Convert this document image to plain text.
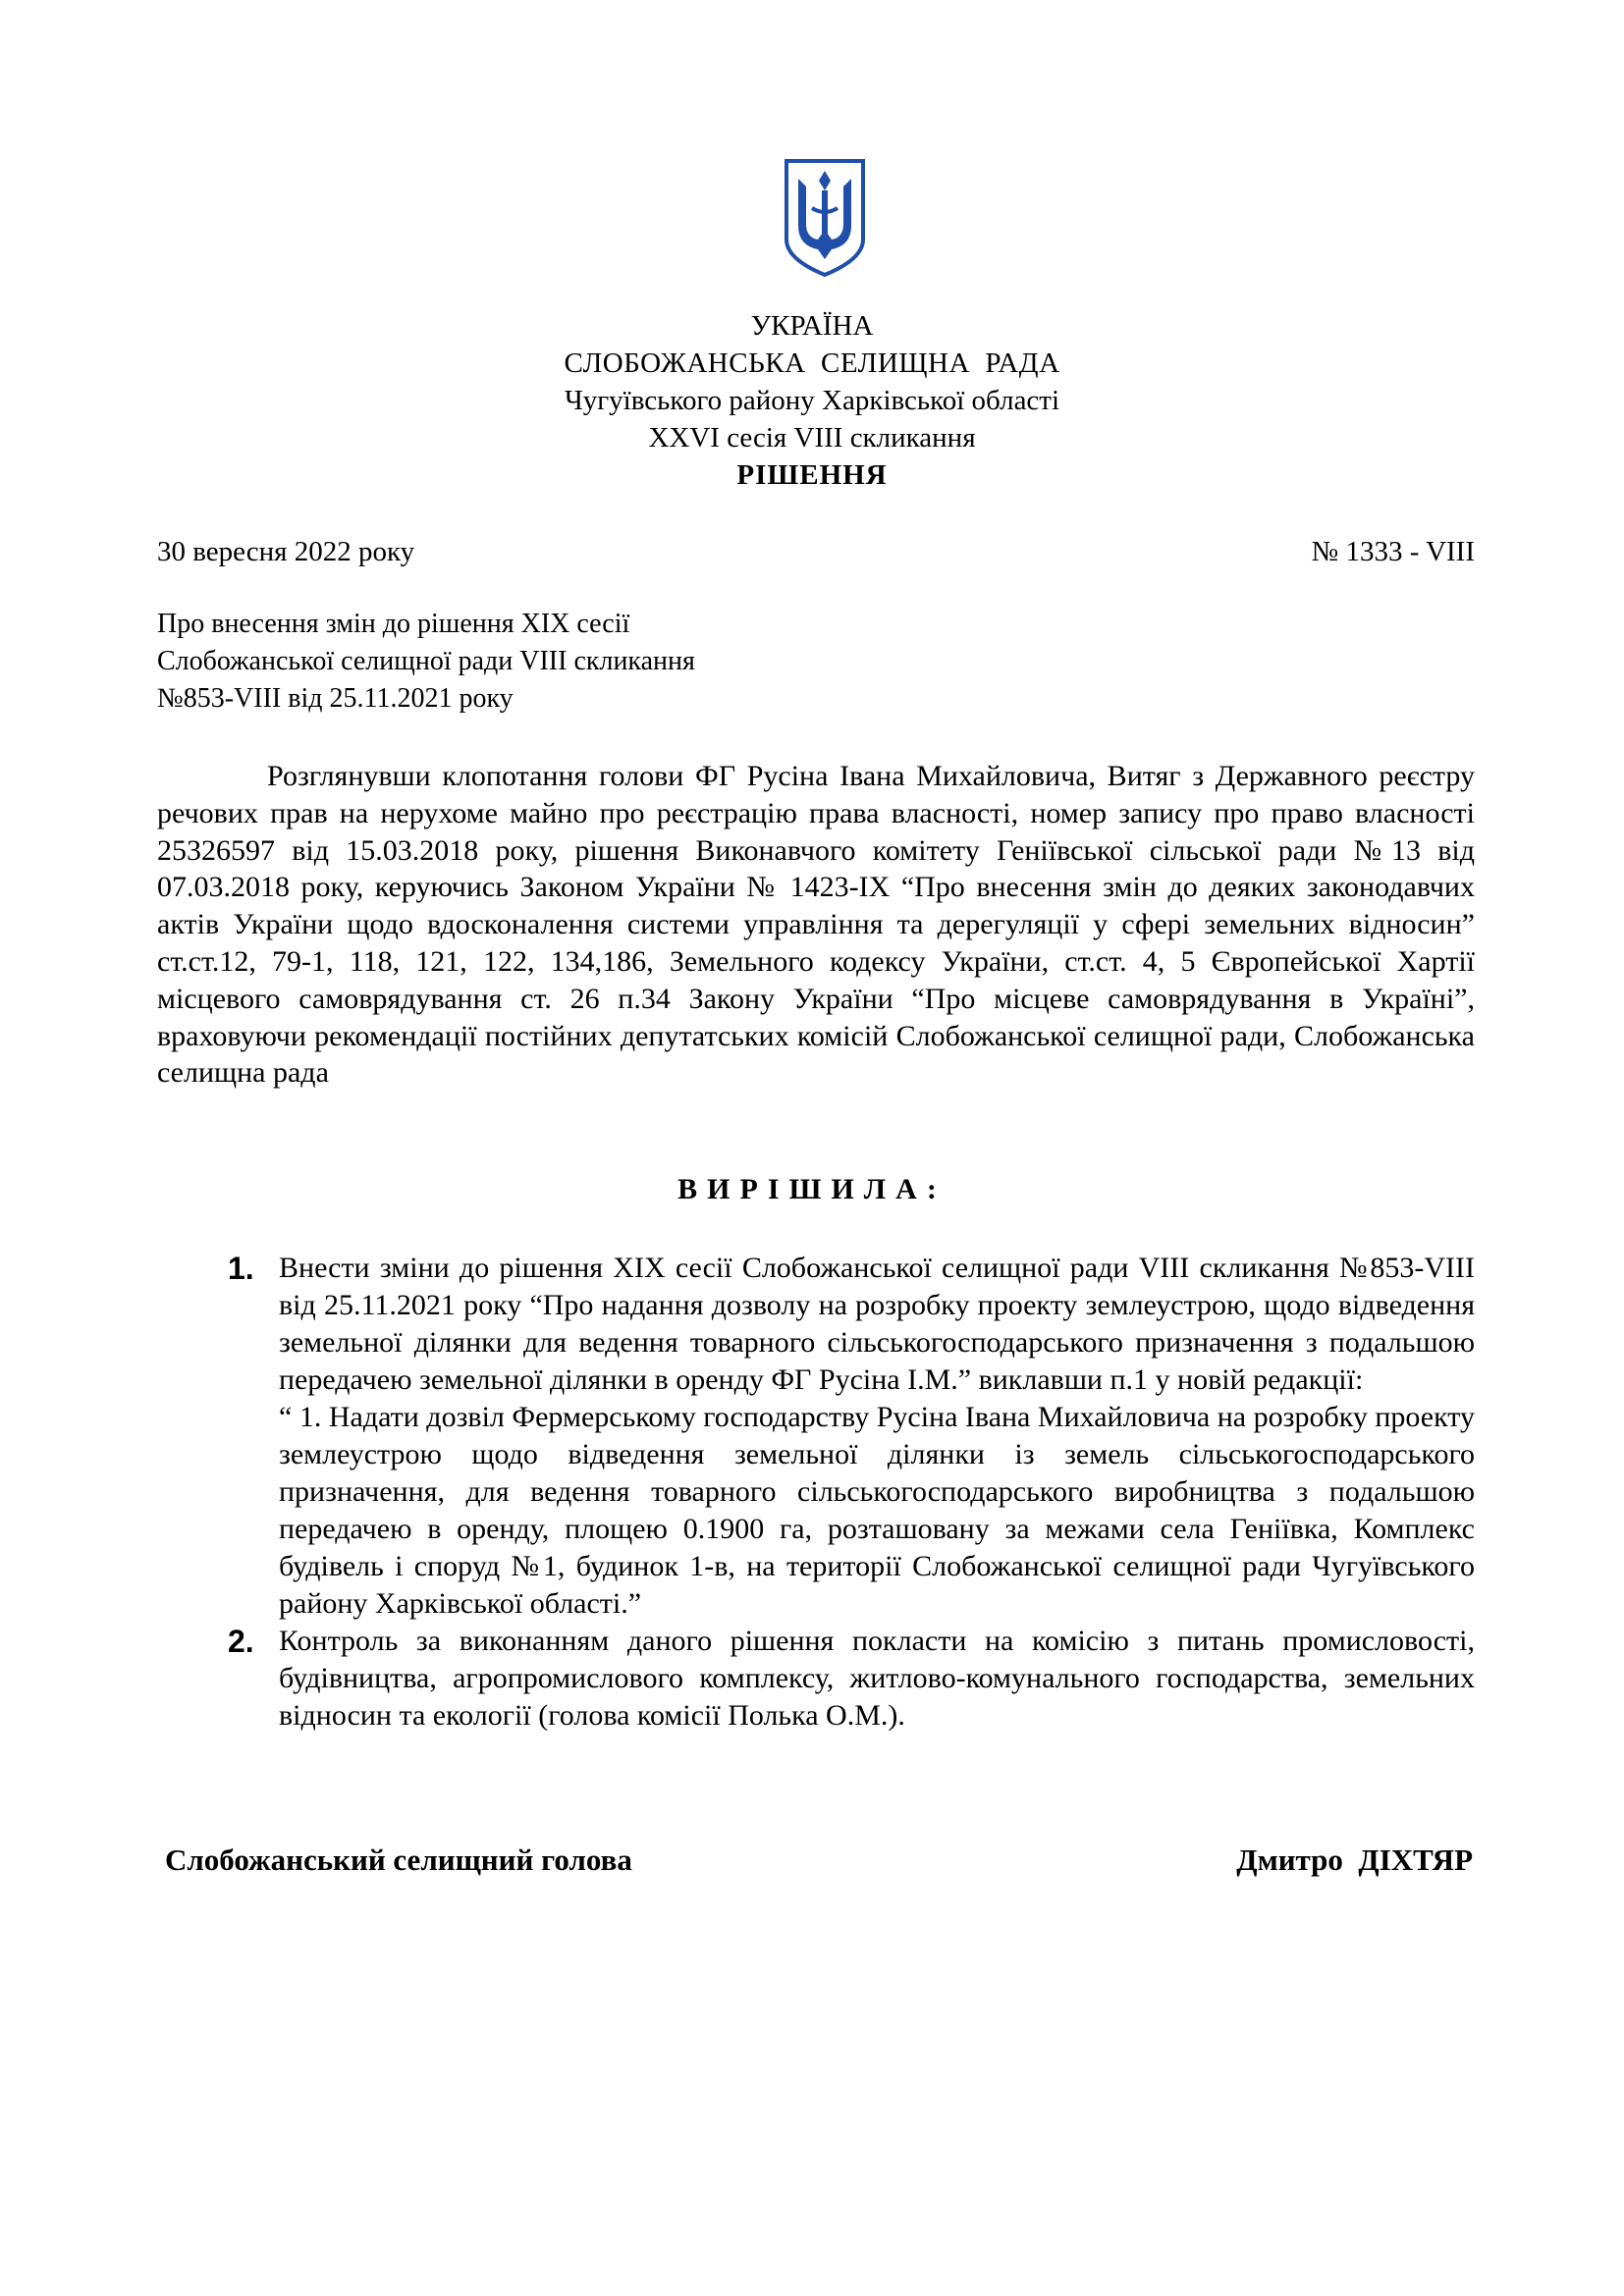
УКРАЇНА
СЛОБОЖАНСЬКА  СЕЛИЩНА  РАДА
Чугуївського району Харківської області
XXVI сесія VIII скликання
РІШЕННЯ
30 вересня 2022 року	№ 1333 - VIII
Про внесення змін до рішення XIX сесії
Слобожанської селищної ради VIII скликання
№853-VIII від 25.11.2021 року
Розглянувши клопотання голови ФГ Русіна Івана Михайловича, Витяг з Державного реєстру речових прав на нерухоме майно про реєстрацію права власності, номер запису про право власності 25326597 від 15.03.2018 року, рішення Виконавчого комітету Геніївської сільської ради №13 від 07.03.2018 року, керуючись Законом України № 1423-IX “Про внесення змін до деяких законодавчих актів України щодо вдосконалення системи управління та дерегуляції у сфері земельних відносин” ст.ст.12, 79-1, 118, 121, 122, 134,186, Земельного кодексу України, ст.ст. 4, 5 Європейської Хартії місцевого самоврядування ст. 26 п.34 Закону України “Про місцеве самоврядування в Україні”, враховуючи рекомендації постійних депутатських комісій Слобожанської селищної ради, Слобожанська селищна рада
ВИРІШИЛА:
1. Внести зміни до рішення XIX сесії Слобожанської селищної ради VIII скликання №853-VIII від 25.11.2021 року “Про надання дозволу на розробку проекту землеустрою, щодо відведення земельної ділянки для ведення товарного сільськогосподарського призначення з подальшою передачею земельної ділянки в оренду ФГ Русіна І.М.” виклавши п.1 у новій редакції:
“ 1. Надати дозвіл Фермерському господарству Русіна Івана Михайловича на розробку проекту землеустрою щодо відведення земельної ділянки із земель сільськогосподарського призначення, для ведення товарного сільськогосподарського виробництва з подальшою передачею в оренду, площею 0.1900 га, розташовану за межами села Геніївка, Комплекс будівель і споруд №1, будинок 1-в, на території Слобожанської селищної ради Чугуївського району Харківської області.”
2. Контроль за виконанням даного рішення покласти на комісію з питань промисловості, будівництва, агропромислового комплексу, житлово-комунального господарства, земельних відносин та екології (голова комісії Полька О.М.).
Слобожанський селищний голова	Дмитро  ДІХТЯР
